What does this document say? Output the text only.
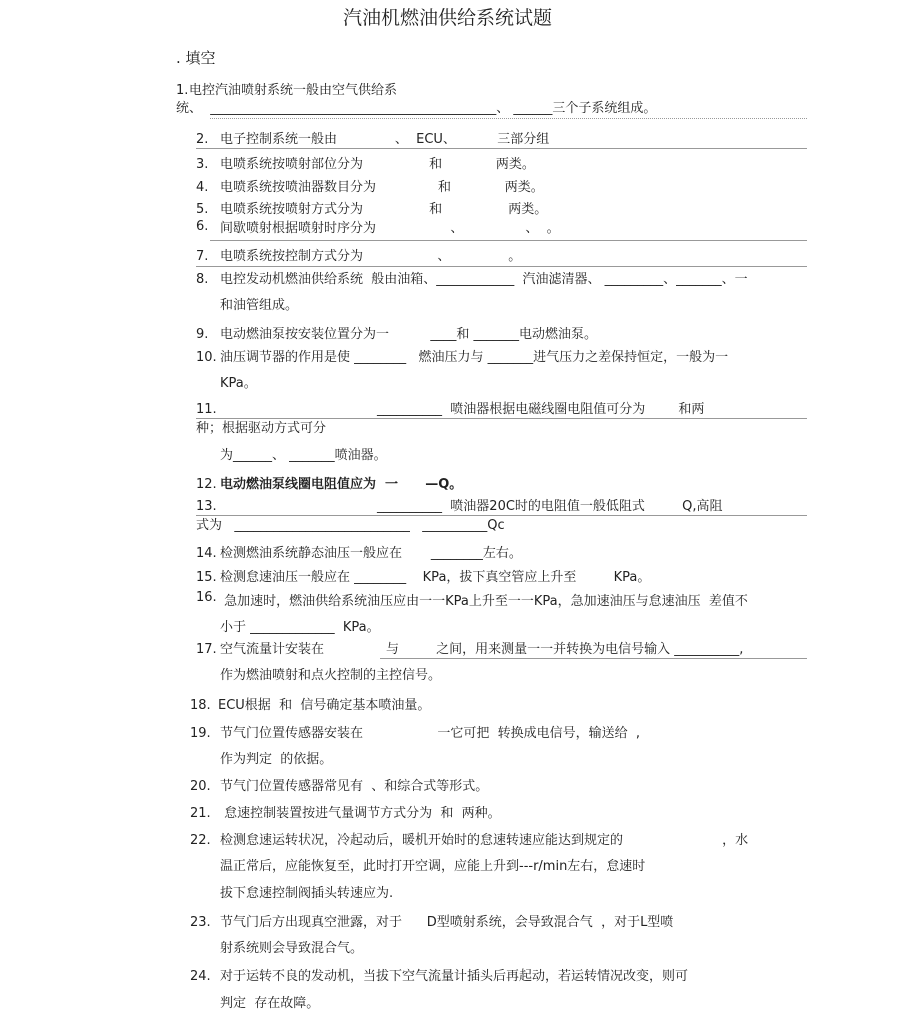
汽油机燃油供给系统试题
. 填空
1. 电控汽油喷射系统一般由空气供给系
统、  ____________________________________________、 ______三个子系统组成。
2. 电子控制系统一般由              、  ECU、          三部分组
3. 电喷系统按喷射部位分为                和             两类。
4. 电喷系统按喷油器数目分为               和             两类。
5. 电喷系统按喷射方式分为                和                两类。
6. 间歇喷射根据喷射时序分为                  、               、  。
7. 电喷系统按控制方式分为                  、              。
8. 电控发动机燃油供给系统  般由油箱、____________  汽油滤清器、 _________、_______、一
和油管组成。
9. 电动燃油泵按安装位置分为一          ____和 _______电动燃油泵。
10. 油压调节器的作用是使 ________   燃油压力与 _______进气压力之差保持恒定，一般为一
KPa。
11. __________  喷油器根据电磁线圈电阻值可分为        和两
种；根据驱动方式可分
为______、 _______喷油器。
12. 电动燃油泵线圈电阻值应为  一      —Q。
13. __________  喷油器20C时的电阻值一般低阻式         Q,高阻
式为   ___________________________   __________Qc
14. 检测燃油系统静态油压一般应在       ________左右。
15. 检测怠速油压一般应在 ________    KPa，拔下真空管应上升至         KPa。
16. 急加速时，燃油供给系统油压应由一一KPa上升至一一KPa，急加速油压与怠速油压  差值不
小于 _____________  KPa。
17. 空气流量计安装在               与         之间，用来测量一一并转换为电信号输入 __________,
作为燃油喷射和点火控制的主控信号。
18. ECU根据  和  信号确定基本喷油量。
19. 节气门位置传感器安装在                  一它可把  转换成电信号，输送给  ,
作为判定  的依据。
20. 节气门位置传感器常见有  、和综合式等形式。
21. 怠速控制装置按进气量调节方式分为  和  两种。
22. 检测怠速运转状况，冷起动后，暖机开始时的怠速转速应能达到规定的                        ，水
温正常后，应能恢复至，此时打开空调，应能上升到---r/min左右，怠速时
拔下怠速控制阀插头转速应为.
23. 节气门后方出现真空泄露，对于      D型喷射系统，会导致混合气  ，对于L型喷
射系统则会导致混合气。
24. 对于运转不良的发动机，当拔下空气流量计插头后再起动，若运转情况改变，则可
判定  存在故障。
